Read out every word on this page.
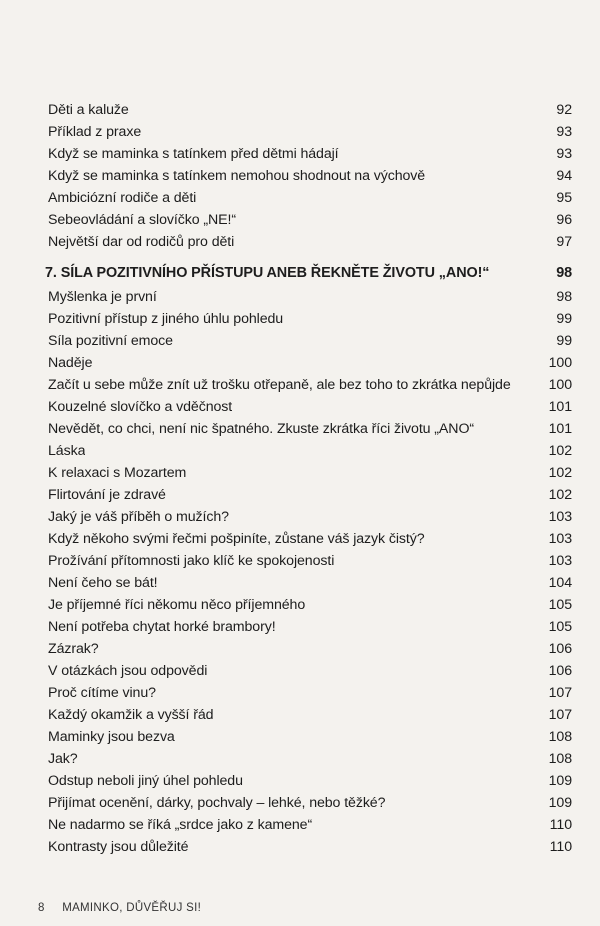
Děti a kaluže	92
Příklad z praxe	93
Když se maminka s tatínkem před dětmi hádají	93
Když se maminka s tatínkem nemohou shodnout na výchově	94
Ambiciózní rodiče a děti	95
Sebeovládání a slovíčko „NE!“	96
Největší dar od rodičů pro děti	97
7. SÍLA POZITIVNÍHO PŘÍSTUPU ANEB ŘEKNĚTE ŽIVOTU „ANO!“	98
Myšlenka je první	98
Pozitivní přístup z jiného úhlu pohledu	99
Síla pozitivní emoce	99
Naděje	100
Začít u sebe může znít už trošku otřepaně, ale bez toho to zkrátka nepůjde	100
Kouzelné slovíčko a vděčnost	101
Nevědět, co chci, není nic špatného. Zkuste zkrátka říci životu „ANO“	101
Láska	102
K relaxaci s Mozartem	102
Flirtování je zdravé	102
Jaký je váš příběh o mužích?	103
Když někoho svými řečmi pošpiníte, zůstane váš jazyk čistý?	103
Prožívání přítomnosti jako klíč ke spokojenosti	103
Není čeho se bát!	104
Je příjemné říci někomu něco příjemného	105
Není potřeba chytat horké brambory!	105
Zázrak?	106
V otázkách jsou odpovědi	106
Proč cítíme vinu?	107
Každý okamžik a vyšší řád	107
Maminky jsou bezva	108
Jak?	108
Odstup neboli jiný úhel pohledu	109
Přijímat ocenění, dárky, pochvaly – lehké, nebo těžké?	109
Ne nadarmo se říká „srdce jako z kamene“	110
Kontrasty jsou důležité	110
8 MAMINKO, DŮVĚŘUJ SI!
